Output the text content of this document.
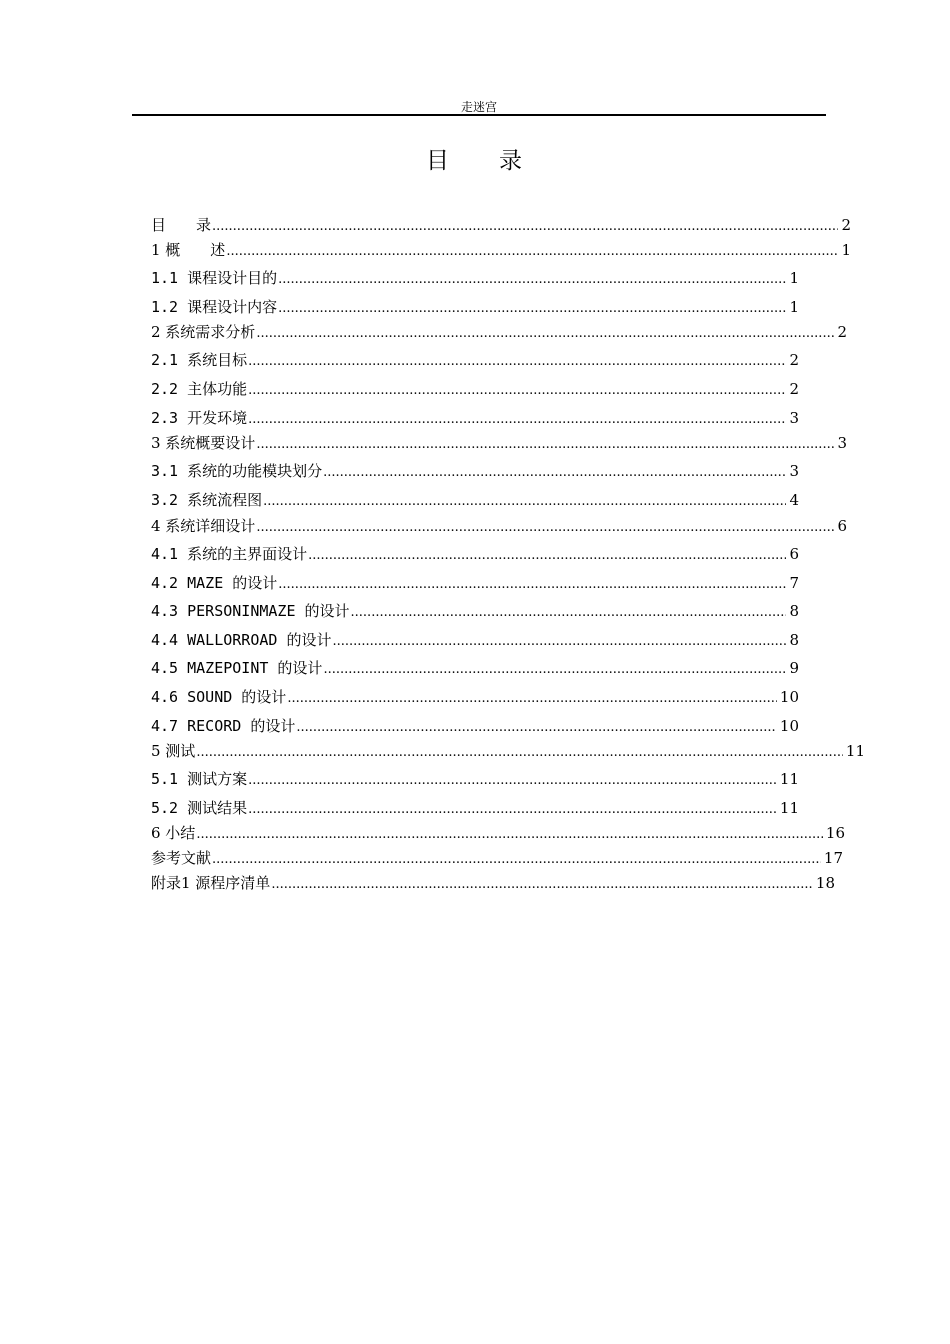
走迷宫
目 录
目　　录 .....	2
1 概　　述 .....	1
1.1 课程设计目的 .....	1
1.2 课程设计内容 .....	1
2 系统需求分析 .....	2
2.1 系统目标 .....	2
2.2 主体功能 .....	2
2.3 开发环境 .....	3
3 系统概要设计 .....	3
3.1 系统的功能模块划分 .....	3
3.2 系统流程图 .....	4
4 系统详细设计 .....	6
4.1 系统的主界面设计 .....	6
4.2 MAZE 的设计 .....	7
4.3 PERSONINMAZE 的设计 .....	8
4.4 WALLORROAD 的设计 .....	8
4.5 MAZEPOINT 的设计 .....	9
4.6 SOUND 的设计 .....	10
4.7 RECORD 的设计 .....	10
5 测试 .....	11
5.1 测试方案 .....	11
5.2 测试结果 .....	11
6 小结 .....	16
参考文献 .....	17
附录1 源程序清单 .....	18
